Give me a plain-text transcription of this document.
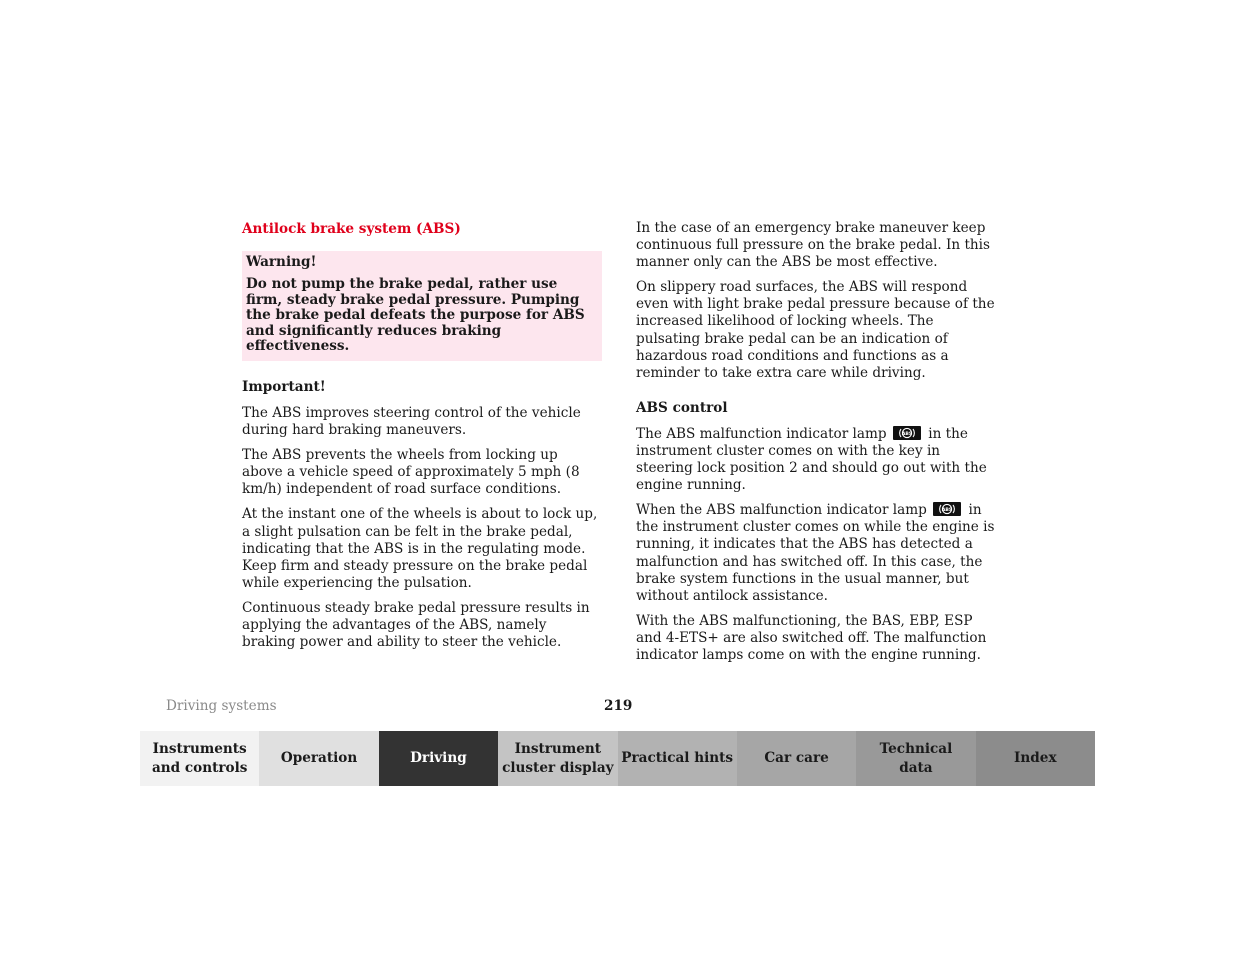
Antilock brake system (ABS)
Warning!
Do not pump the brake pedal, rather use firm, steady brake pedal pressure. Pumping the brake pedal defeats the purpose for ABS and significantly reduces braking effectiveness.
Important!

The ABS improves steering control of the vehicle during hard braking maneuvers.

The ABS prevents the wheels from locking up above a vehicle speed of approximately 5 mph (8 km/h) independent of road surface conditions.

At the instant one of the wheels is about to lock up, a slight pulsation can be felt in the brake pedal, indicating that the ABS is in the regulating mode. Keep firm and steady pressure on the brake pedal while experiencing the pulsation.

Continuous steady brake pedal pressure results in applying the advantages of the ABS, namely braking power and ability to steer the vehicle.

In the case of an emergency brake maneuver keep continuous full pressure on the brake pedal. In this manner only can the ABS be most effective.

On slippery road surfaces, the ABS will respond even with light brake pedal pressure because of the increased likelihood of locking wheels. The pulsating brake pedal can be an indication of hazardous road conditions and functions as a reminder to take extra care while driving.

ABS control

The ABS malfunction indicator lamp	ABS in the instrument cluster comes on with the key in steering lock position 2 and should go out with the engine running.

When the ABS malfunction indicator lamp	ABS in the instrument cluster comes on while the engine is running, it indicates that the ABS has detected a malfunction and has switched off. In this case, the brake system functions in the usual manner, but without antilock assistance.

With the ABS malfunctioning, the BAS, EBP, ESP and 4-ETS+ are also switched off. The malfunction indicator lamps come on with the engine running.

Driving systems	219
Instruments
and controls
Operation	Driving
Instrument
cluster display
Practical hints Car care
Technical
data
Index
